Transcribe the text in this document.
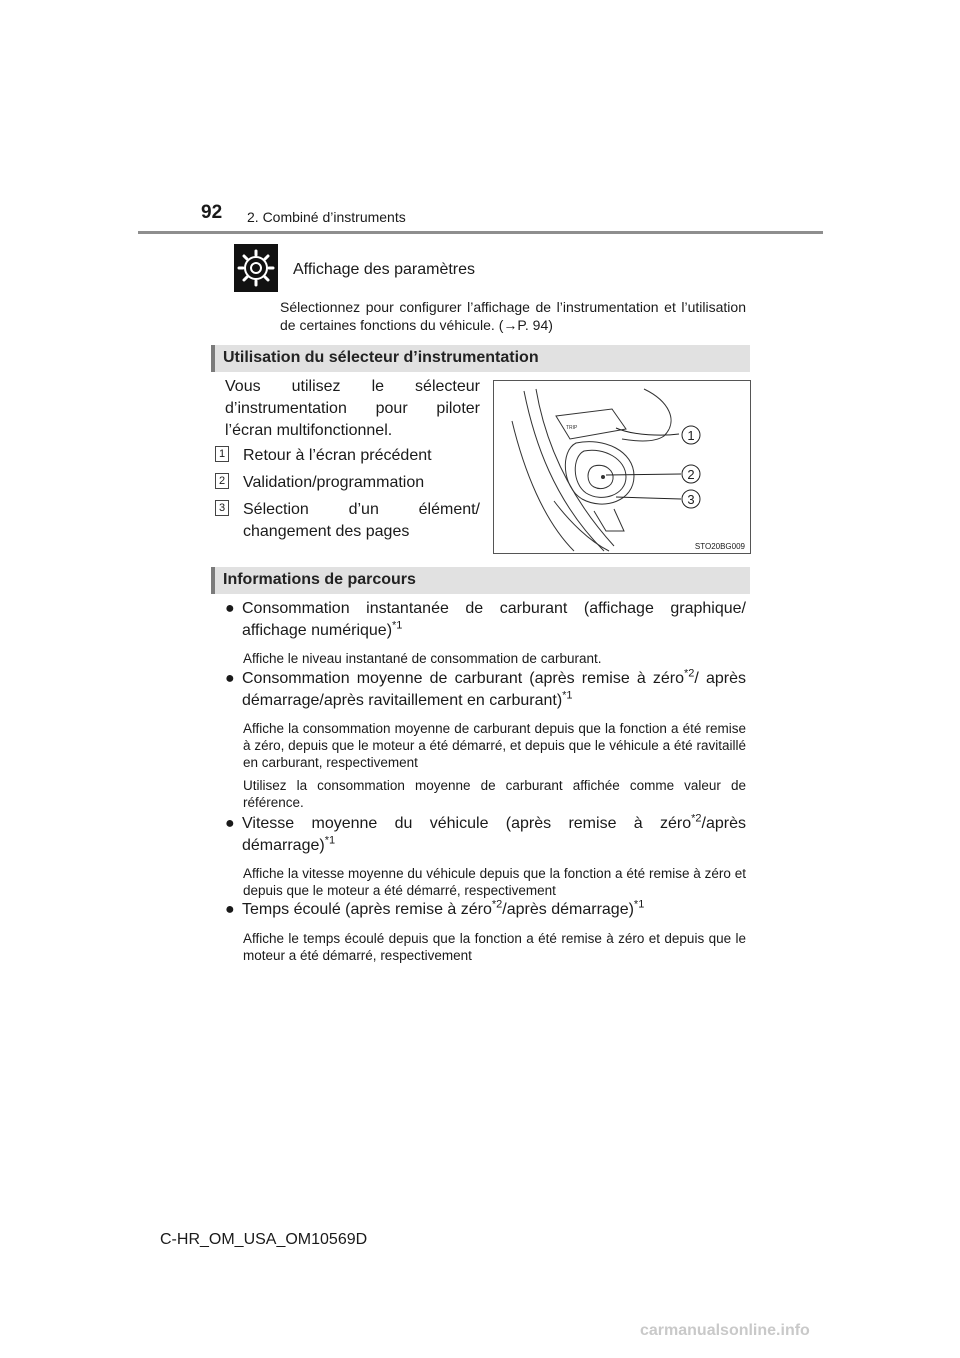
92 2. Combiné d’instruments
Affichage des paramètres
Sélectionnez pour configurer l’affichage de l’instrumentation et l’utilisation de certaines fonctions du véhicule. (→P. 94)
Utilisation du sélecteur d’instrumentation
Vous utilisez le sélecteur
d’instrumentation pour piloter l’écran multifonctionnel.
1 Retour à l’écran précédent
2 Validation/programmation
3 Sélection d’un élément/ changement des pages
TRIP	1
2
3
STO20BG009
Informations de parcours
● Consommation instantanée de carburant (affichage graphique/ affichage numérique)$^{*1}$
Affiche le niveau instantané de consommation de carburant.
● Consommation moyenne de carburant (après remise à zéro$^{*2}$/ après démarrage/après ravitaillement en carburant)$^{*1}$
Affiche la consommation moyenne de carburant depuis que la fonction a été remise à zéro, depuis que le moteur a été démarré, et depuis que le véhicule a été ravitaillé en carburant, respectivement
Utilisez la consommation moyenne de carburant affichée comme valeur de référence.
● Vitesse moyenne du véhicule (après remise à zéro$^{*2}$/après démarrage)$^{*1}$
Affiche la vitesse moyenne du véhicule depuis que la fonction a été remise à zéro et depuis que le moteur a été démarré, respectivement
● Temps écoulé (après remise à zéro$^{*2}$/après démarrage)$^{*1}$
Affiche le temps écoulé depuis que la fonction a été remise à zéro et depuis que le moteur a été démarré, respectivement
C-HR_OM_USA_OM10569D
carmanualsonline.info
